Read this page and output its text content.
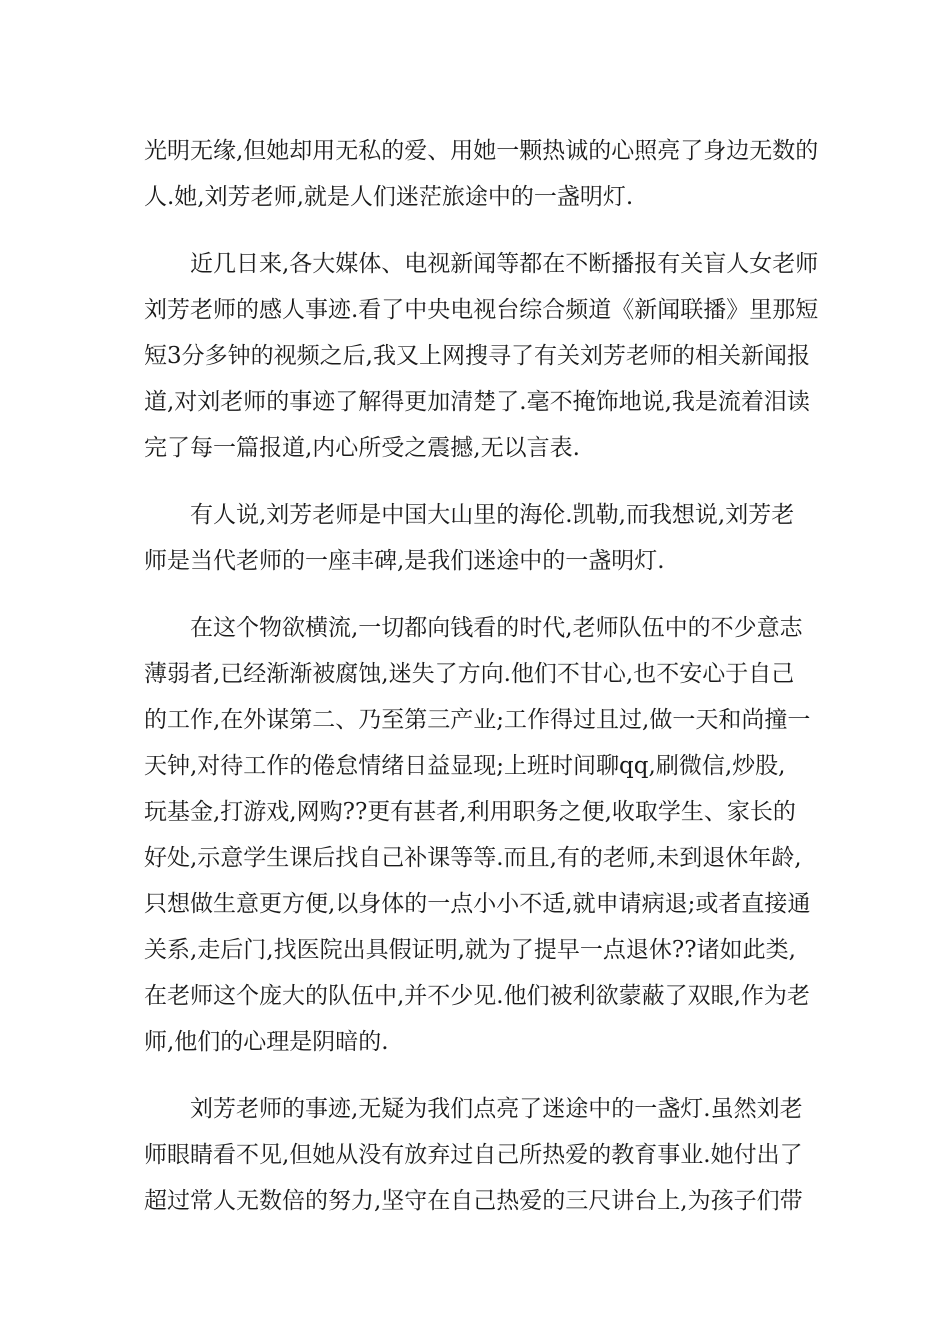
光明无缘,但她却用无私的爱、用她一颗热诚的心照亮了身边无数的
人.她,刘芳老师,就是人们迷茫旅途中的一盏明灯.
近几日来,各大媒体、电视新闻等都在不断播报有关盲人女老师
刘芳老师的感人事迹.看了中央电视台综合频道《新闻联播》里那短
短3分多钟的视频之后,我又上网搜寻了有关刘芳老师的相关新闻报
道,对刘老师的事迹了解得更加清楚了.毫不掩饰地说,我是流着泪读
完了每一篇报道,内心所受之震撼,无以言表.
有人说,刘芳老师是中国大山里的海伦.凯勒,而我想说,刘芳老
师是当代老师的一座丰碑,是我们迷途中的一盏明灯.
在这个物欲横流,一切都向钱看的时代,老师队伍中的不少意志
薄弱者,已经渐渐被腐蚀,迷失了方向.他们不甘心,也不安心于自己
的工作,在外谋第二、乃至第三产业;工作得过且过,做一天和尚撞一
天钟,对待工作的倦怠情绪日益显现;上班时间聊qq,刷微信,炒股,
玩基金,打游戏,网购??更有甚者,利用职务之便,收取学生、家长的
好处,示意学生课后找自己补课等等.而且,有的老师,未到退休年龄,
只想做生意更方便,以身体的一点小小不适,就申请病退;或者直接通
关系,走后门,找医院出具假证明,就为了提早一点退休??诸如此类,
在老师这个庞大的队伍中,并不少见.他们被利欲蒙蔽了双眼,作为老
师,他们的心理是阴暗的.
刘芳老师的事迹,无疑为我们点亮了迷途中的一盏灯.虽然刘老
师眼睛看不见,但她从没有放弃过自己所热爱的教育事业.她付出了
超过常人无数倍的努力,坚守在自己热爱的三尺讲台上,为孩子们带
